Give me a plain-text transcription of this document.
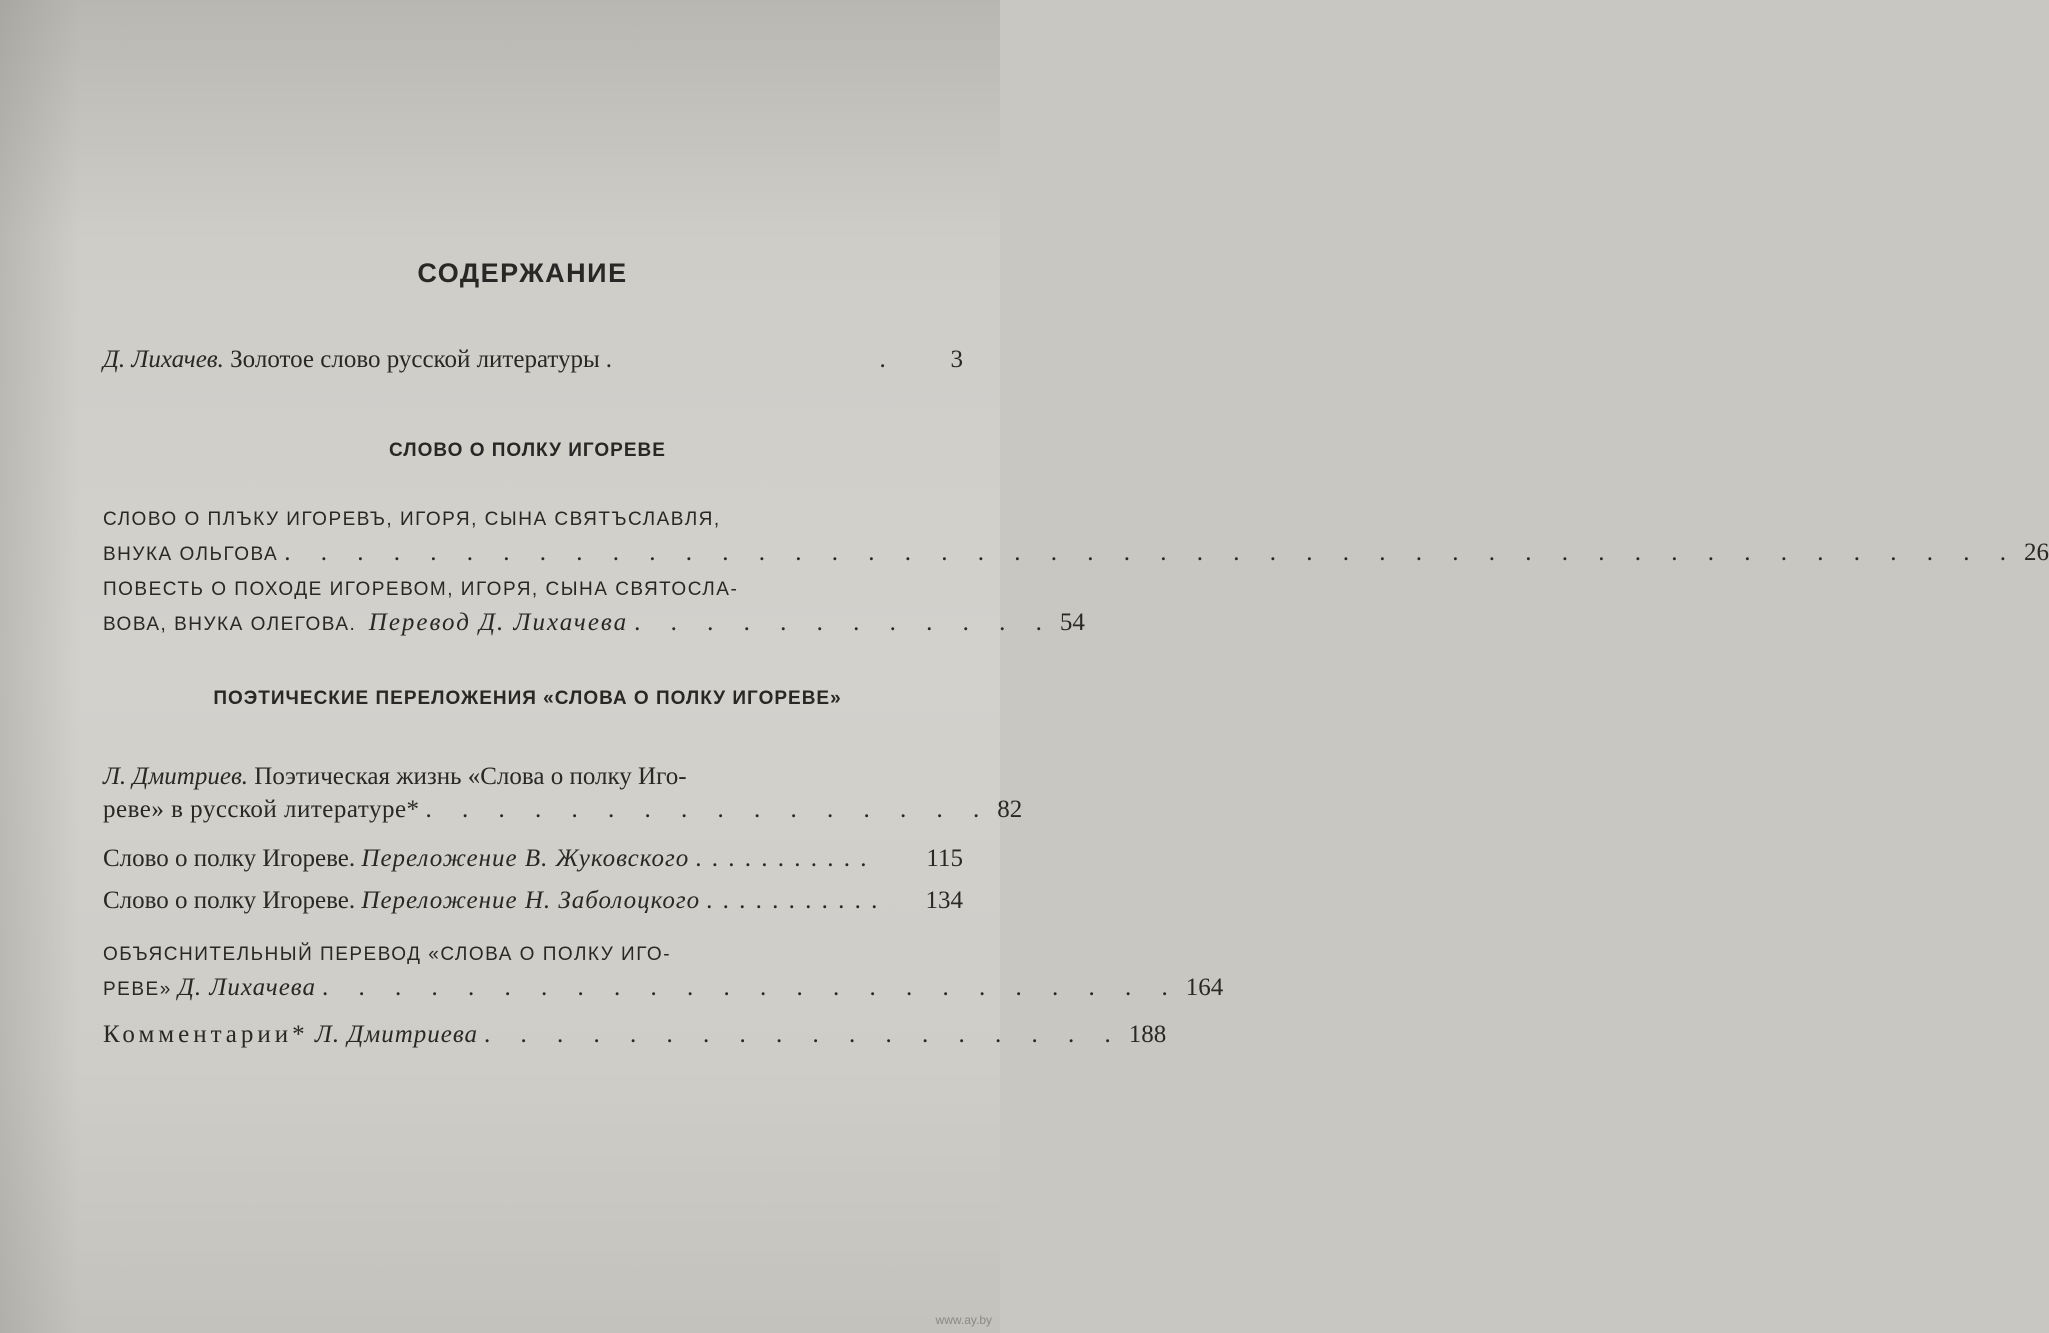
СОДЕРЖАНИЕ
Д. Лихачев.
Золотое слово русской литературы .              .	3
СЛОВО О ПОЛКУ ИГОРЕВЕ
СЛОВО О ПЛЪКУ ИГОРЕВЪ, ИГОРЯ, СЫНА СВЯТЪСЛАВЛЯ,
ВНУКА ОЛЬГОВА . . . . . . . . . . . . . . . . . . . . . . . . . . . . . . . . . . . . . . . . . . . . . . . . 26
ПОВЕСТЬ О ПОХОДЕ ИГОРЕВОМ, ИГОРЯ, СЫНА СВЯТОСЛА-
ВОВА, ВНУКА ОЛЕГОВА.
Перевод Д. Лихачева . . . . . . . . . . . . 54
ПОЭТИЧЕСКИЕ ПЕРЕЛОЖЕНИЯ «СЛОВА О ПОЛКУ ИГОРЕВЕ»
Л. Дмитриев.
Поэтическая жизнь «Слова о полку Иго-
реве» в русской литературе* . . . . . . . . . . . . . . . . 82
Слово о полку Игореве.
Переложение В. Жуковского . . . . . . . . . . .	115
Слово о полку Игореве.
Переложение Н. Заболоцкого . . . . . . . . . . .	134
ОБЪЯСНИТЕЛЬНЫЙ ПЕРЕВОД «СЛОВА О ПОЛКУ ИГО-
РЕВЕ»
Д. Лихачева . . . . . . . . . . . . . . . . . . . . . . . . 164
Комментарии*
Л. Дмитриева . . . . . . . . . . . . . . . . . . 188
www.ay.by
